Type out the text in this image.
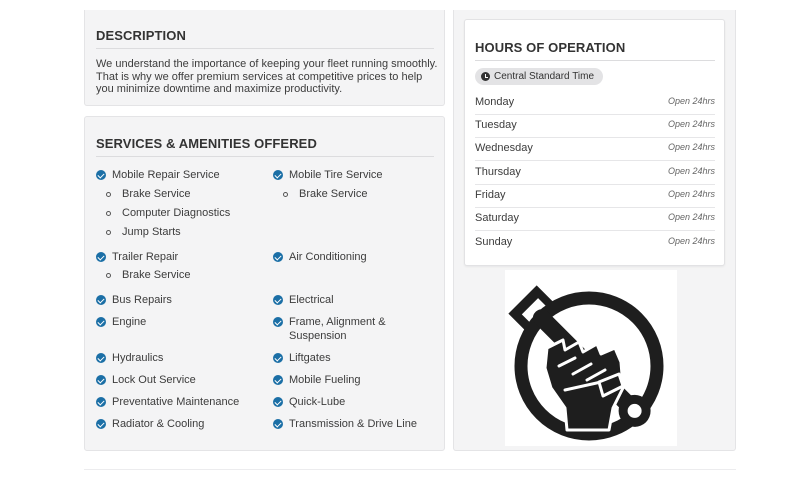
DESCRIPTION
We understand the importance of keeping your fleet running smoothly. That is why we offer premium services at competitive prices to help you minimize downtime and maximize productivity.
SERVICES & AMENITIES OFFERED
Mobile Repair Service
Brake Service
Computer Diagnostics
Jump Starts
Trailer Repair
Brake Service
Bus Repairs
Engine
Hydraulics
Lock Out Service
Preventative Maintenance
Radiator & Cooling
Mobile Tire Service
Brake Service
Air Conditioning
Electrical
Frame, Alignment & Suspension
Liftgates
Mobile Fueling
Quick-Lube
Transmission & Drive Line
HOURS OF OPERATION
Central Standard Time
Monday	Open 24hrs
Tuesday	Open 24hrs
Wednesday	Open 24hrs
Thursday	Open 24hrs
Friday	Open 24hrs
Saturday	Open 24hrs
Sunday	Open 24hrs
